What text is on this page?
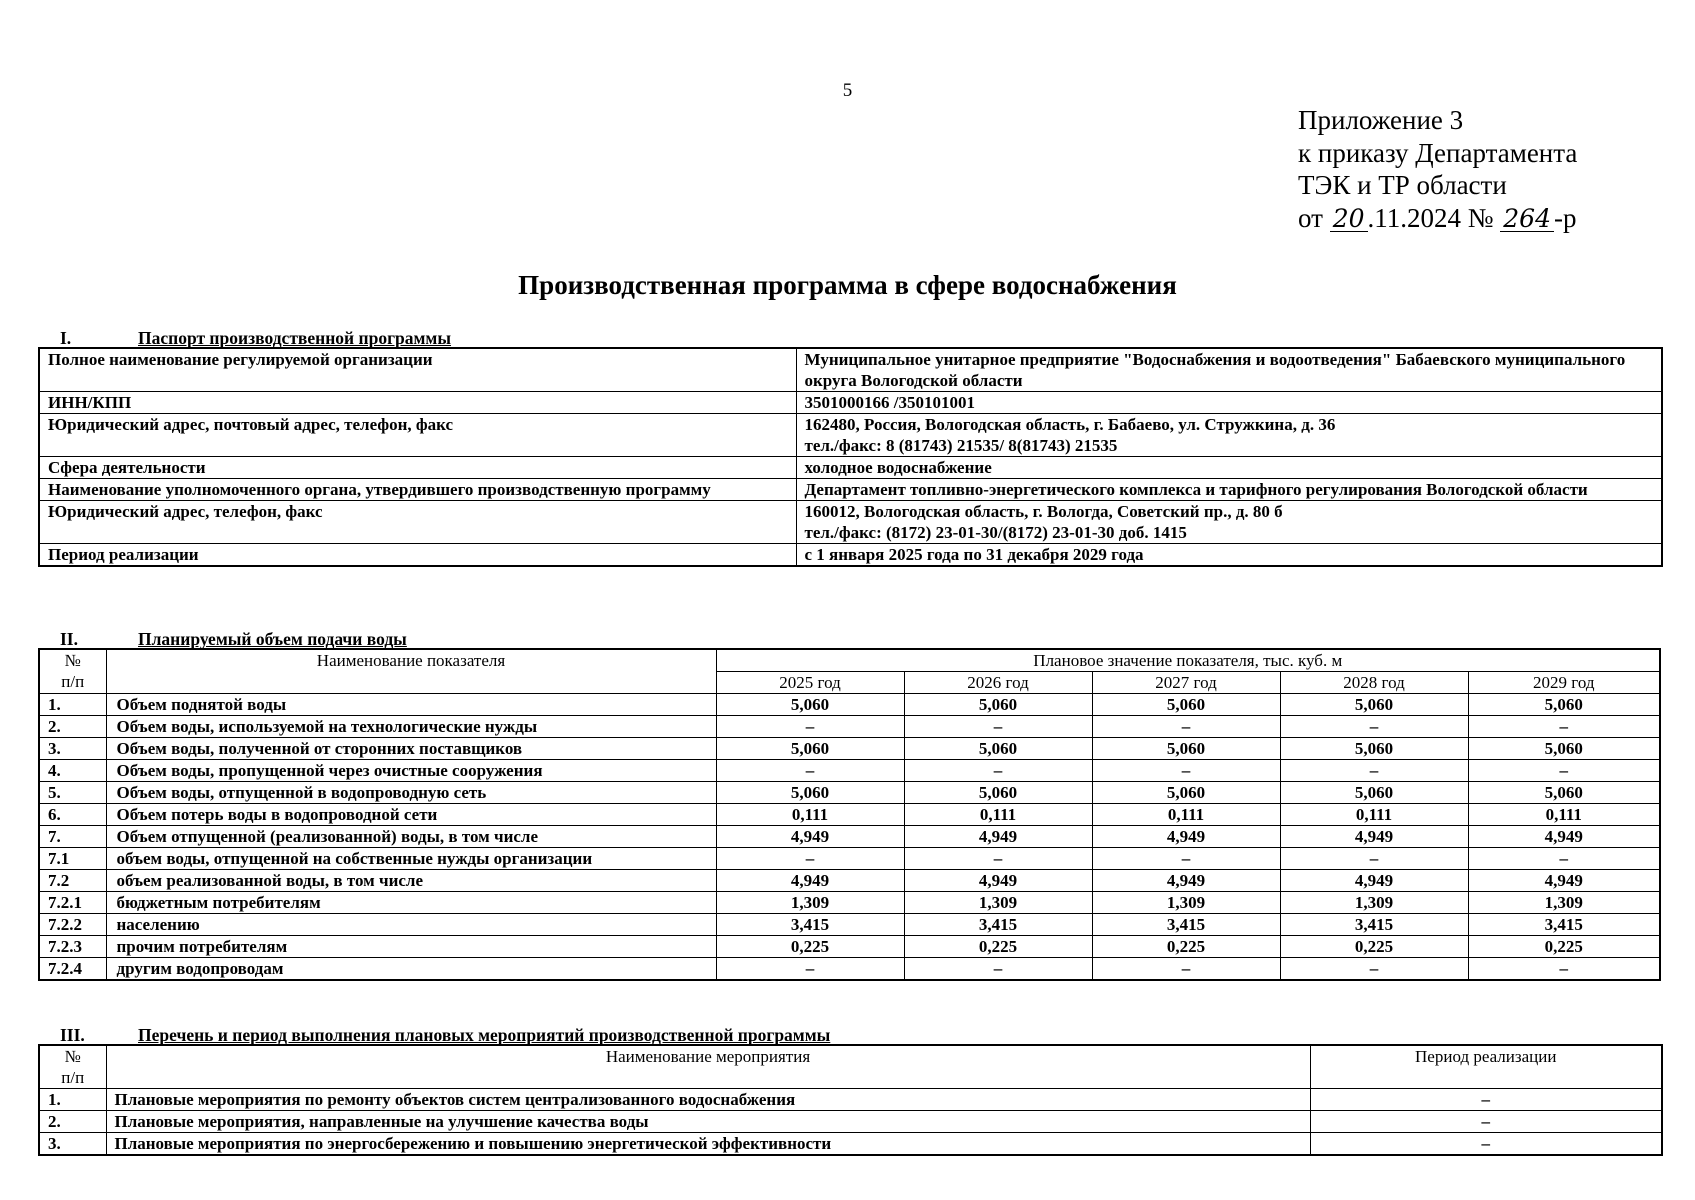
5
Приложение 3
к приказу Департамента
ТЭК и ТР области
от 20 .11.2024 № 264 -р
Производственная программа в сфере водоснабжения
I.	Паспорт производственной программы
Полное наименование регулируемой организации	Муниципальное унитарное предприятие "Водоснабжения и водоотведения" Бабаевского муниципального округа Вологодской области
ИНН/КПП	3501000166 /350101001
Юридический адрес, почтовый адрес, телефон, факс	162480, Россия, Вологодская область, г. Бабаево, ул. Стружкина, д. 36
тел./факс: 8 (81743) 21535/ 8(81743) 21535

Сфера деятельности	холодное водоснабжение
Наименование уполномоченного органа, утвердившего производственную программу	Департамент топливно-энергетического комплекса и тарифного регулирования Вологодской области
Юридический адрес, телефон, факс	160012, Вологодская область, г. Вологда, Советский пр., д. 80 б
тел./факс: (8172) 23-01-30/(8172) 23-01-30 доб. 1415

Период реализации	с 1 января 2025 года по 31 декабря 2029 года
II.	Планируемый объем подачи воды
№
п/п	Наименование показателя	Плановое значение показателя, тыс. куб. м				
		2025 год	2026 год	2027 год	2028 год	2029 год
1.	Объем поднятой воды	5,060	5,060	5,060	5,060	5,060
2.	Объем воды, используемой на технологические нужды	–	–	–	–	–
3.	Объем воды, полученной от сторонних поставщиков	5,060	5,060	5,060	5,060	5,060
4.	Объем воды, пропущенной через очистные сооружения	–	–	–	–	–
5.	Объем воды, отпущенной в водопроводную сеть	5,060	5,060	5,060	5,060	5,060
6.	Объем потерь воды в водопроводной сети	0,111	0,111	0,111	0,111	0,111
7.	Объем отпущенной (реализованной) воды, в том числе	4,949	4,949	4,949	4,949	4,949
7.1	объем воды, отпущенной на собственные нужды организации	–	–	–	–	–
7.2	объем реализованной воды, в том числе	4,949	4,949	4,949	4,949	4,949
7.2.1	бюджетным потребителям	1,309	1,309	1,309	1,309	1,309
7.2.2	населению	3,415	3,415	3,415	3,415	3,415
7.2.3	прочим потребителям	0,225	0,225	0,225	0,225	0,225
7.2.4	другим водопроводам	–	–	–	–	–
III.	Перечень и период выполнения плановых мероприятий производственной программы
№
п/п	Наименование мероприятия	Период реализации
1.	Плановые мероприятия по ремонту объектов систем централизованного водоснабжения	–
2.	Плановые мероприятия, направленные на улучшение качества воды	–
3.	Плановые мероприятия по энергосбережению и повышению энергетической эффективности	–
